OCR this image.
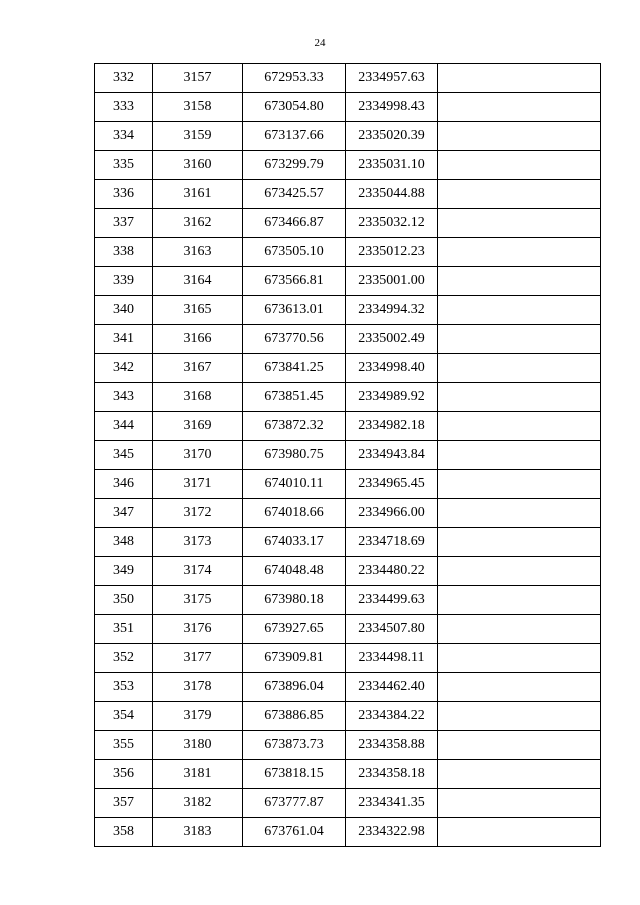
24
332	3157	672953.33	2334957.63	
333	3158	673054.80	2334998.43	
334	3159	673137.66	2335020.39	
335	3160	673299.79	2335031.10	
336	3161	673425.57	2335044.88	
337	3162	673466.87	2335032.12	
338	3163	673505.10	2335012.23	
339	3164	673566.81	2335001.00	
340	3165	673613.01	2334994.32	
341	3166	673770.56	2335002.49	
342	3167	673841.25	2334998.40	
343	3168	673851.45	2334989.92	
344	3169	673872.32	2334982.18	
345	3170	673980.75	2334943.84	
346	3171	674010.11	2334965.45	
347	3172	674018.66	2334966.00	
348	3173	674033.17	2334718.69	
349	3174	674048.48	2334480.22	
350	3175	673980.18	2334499.63	
351	3176	673927.65	2334507.80	
352	3177	673909.81	2334498.11	
353	3178	673896.04	2334462.40	
354	3179	673886.85	2334384.22	
355	3180	673873.73	2334358.88	
356	3181	673818.15	2334358.18	
357	3182	673777.87	2334341.35	
358	3183	673761.04	2334322.98	
